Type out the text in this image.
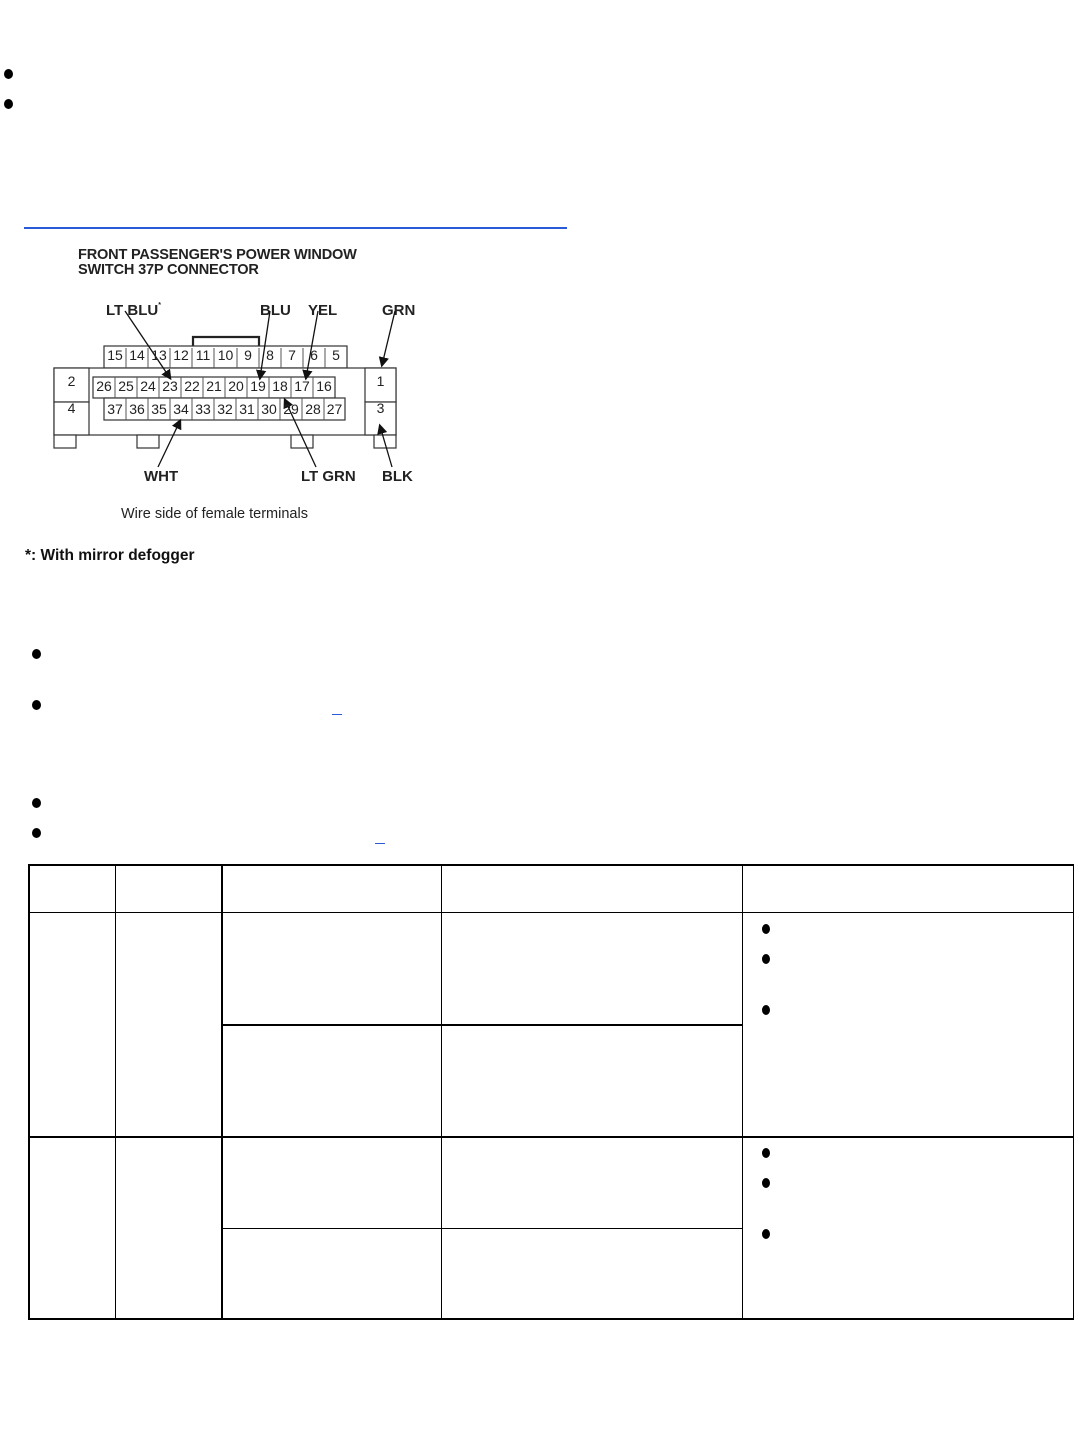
FRONT PASSENGER'S POWER WINDOW
SWITCH 37P CONNECTOR
LT BLU*	BLU YEL	GRN
WHT	LT GRN BLK
15 14 13 12 11 10 9	8	7	6	5
26 25 24 23 22 21 20 19 18 17 16
37 36 35 34 33 32 31 30 29 28 27
2
4
1
3
Wire side of female terminals
*: With mirror defogger
